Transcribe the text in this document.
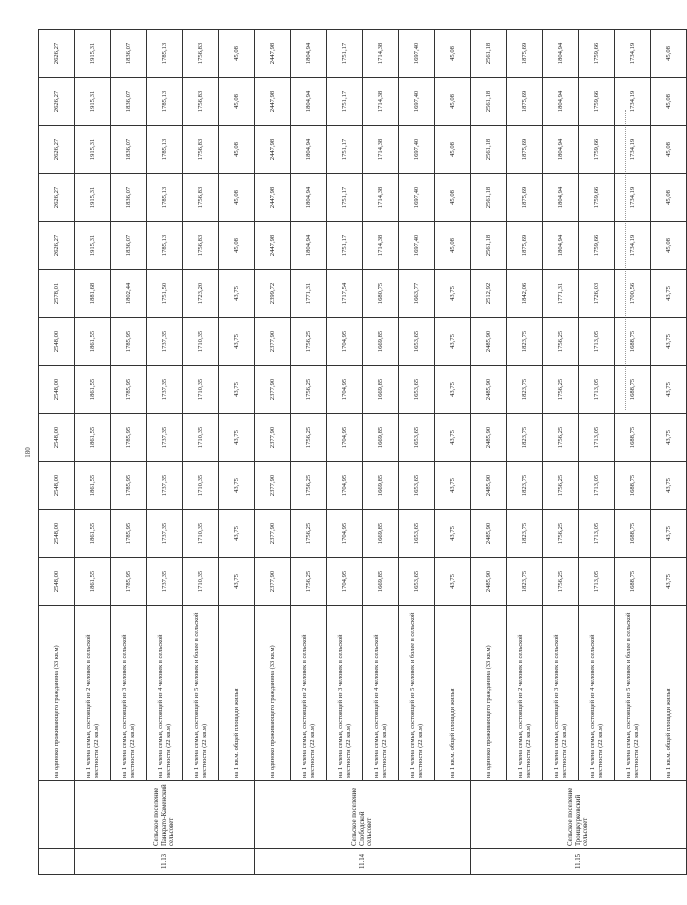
180
		на одиноко проживающего гражданина (33 кв.м)	2548,00	2548,00	2548,00	2548,00	2548,00	2548,00	2578,01	2626,27	2626,27	2626,27	2626,27	2626,27
11.13	Сельское поселение Панкрато-Каменский сельсовет	на 1 члена семьи, состоящей из 2 человек в сельской местности (22 кв.м)	1861,55	1861,55	1861,55	1861,55	1861,55	1861,55	1881,68	1915,31	1915,31	1915,31	1915,31	1915,31
		на 1 члена семьи, состоящей из 3 человек в сельской местности (22 кв.м)	1785,95	1785,95	1785,95	1785,95	1785,95	1785,95	1802,44	1836,07	1836,07	1836,07	1836,07	1836,07
		на 1 члена семьи, состоящей из 4 человек в сельской местности (22 кв.м)	1737,35	1737,35	1737,35	1737,35	1737,35	1737,35	1751,50	1785,13	1785,13	1785,13	1785,13	1785,13
		на 1 члена семьи, состоящей из 5 человек и более в сельской местности (22 кв.м)	1710,35	1710,35	1710,35	1710,35	1710,35	1710,35	1723,20	1756,83	1756,83	1756,83	1756,83	1756,83
		на 1 кв.м. общей площади жилья	43,75	43,75	43,75	43,75	43,75	43,75	43,75	45,08	45,08	45,08	45,08	45,08
11.14	Сельское поселение Слободской сельсовет	на одиноко проживающего гражданина (33 кв.м)	2377,90	2377,90	2377,90	2377,90	2377,90	2377,90	2399,72	2447,98	2447,98	2447,98	2447,98	2447,98
		на 1 члена семьи, состоящей из 2 человек в сельской местности (22 кв.м)	1756,25	1756,25	1756,25	1756,25	1756,25	1756,25	1771,31	1804,94	1804,94	1804,94	1804,94	1804,94
		на 1 члена семьи, состоящей из 3 человек в сельской местности (22 кв.м)	1704,95	1704,95	1704,95	1704,95	1704,95	1704,95	1717,54	1751,17	1751,17	1751,17	1751,17	1751,17
		на 1 члена семьи, состоящей из 4 человек в сельской местности (22 кв.м)	1669,85	1669,85	1669,85	1669,85	1669,85	1669,85	1680,75	1714,38	1714,38	1714,38	1714,38	1714,38
		на 1 члена семьи, состоящей из 5 человек и более в сельской местности (22 кв.м)	1653,65	1653,65	1653,65	1653,65	1653,65	1653,65	1663,77	1697,40	1697,40	1697,40	1697,40	1697,40
		на 1 кв.м. общей площади жилья	43,75	43,75	43,75	43,75	43,75	43,75	43,75	45,08	45,08	45,08	45,08	45,08
11.15	Сельское поселение Троицкурковский сельсовет	на одиноко проживающего гражданина (33 кв.м)	2485,90	2485,90	2485,90	2485,90	2485,90	2485,90	2512,92	2561,18	2561,18	2561,18	2561,18	2561,18
		на 1 члена семьи, состоящей из 2 человек в сельской местности (22 кв.м)	1823,75	1823,75	1823,75	1823,75	1823,75	1823,75	1842,06	1875,69	1875,69	1875,69	1875,69	1875,69
		на 1 члена семьи, состоящей из 3 человек в сельской местности (22 кв.м)	1756,25	1756,25	1756,25	1756,25	1756,25	1756,25	1771,31	1804,94	1804,94	1804,94	1804,94	1804,94
		на 1 члена семьи, состоящей из 4 человек в сельской местности (22 кв.м)	1713,05	1713,05	1713,05	1713,05	1713,05	1713,05	1726,03	1759,66	1759,66	1759,66	1759,66	1759,66
		на 1 члена семьи, состоящей из 5 человек и более в сельской местности (22 кв.м)	1688,75	1688,75	1688,75	1688,75	1688,75	1688,75	1700,56	1734,19	1734,19	1734,19	1734,19	1734,19
		на 1 кв.м. общей площади жилья	43,75	43,75	43,75	43,75	43,75	43,75	43,75	45,08	45,08	45,08	45,08	45,08
